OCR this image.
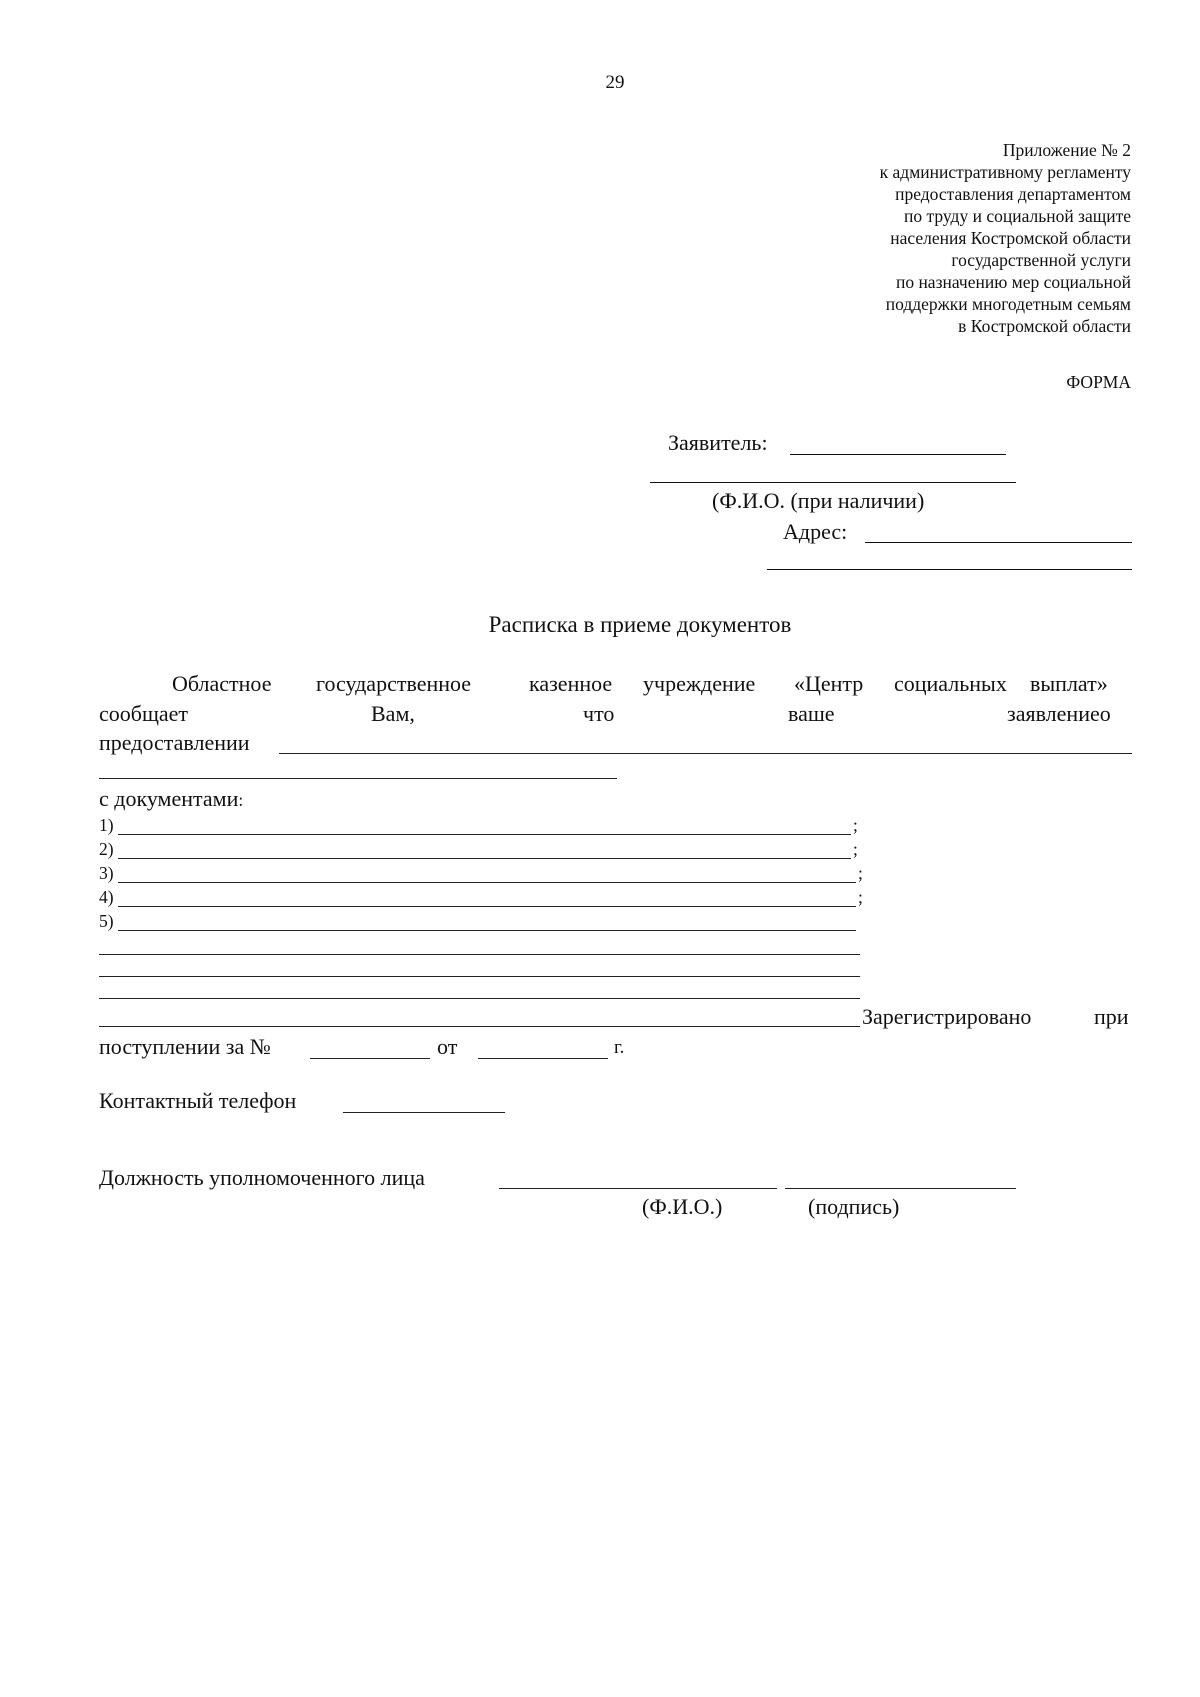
29
Приложение № 2
к административному регламенту
предоставления департаментом
по труду и социальной защите
населения Костромской области
государственной услуги
по назначению мер социальной
поддержки многодетным семьям
в Костромской области
ФОРМА
Заявитель:
(Ф.И.О. (при наличии)
Адрес:
Расписка в приеме документов
Областное государственное	казенное учреждение «Центр социальных выплат»
сообщает	Вам,	что	ваше	заявлениео
предоставлении
с документами:
1)	;
2)	;
3)	;
4)	;
5)
Зарегистрировано	при
поступлении за №	от	г.
Контактный телефон
Должность уполномоченного лица
(Ф.И.О.)	(подпись)
